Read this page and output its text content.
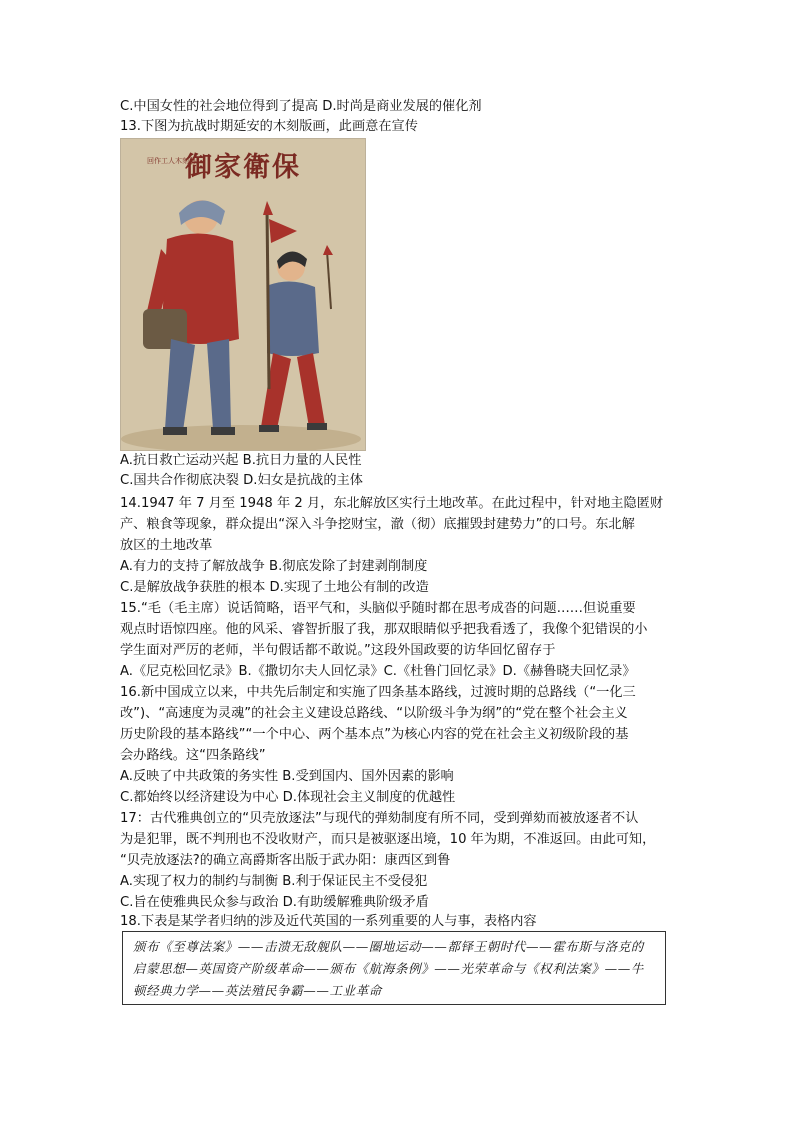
C.中国女性的社会地位得到了提高 D.时尚是商业发展的催化剂
13.下图为抗战时期延安的木刻版画，此画意在宣传
回作工人木刻藝
御家衛保
A.抗日救亡运动兴起 B.抗日力量的人民性
C.国共合作彻底决裂 D.妇女是抗战的主体
14.1947 年 7 月至 1948 年 2 月，东北解放区实行土地改革。在此过程中，针对地主隐匿财
产、粮食等现象，群众提出“深入斗争挖财宝，澈（彻）底摧毁封建势力”的口号。东北解
放区的土地改革
A.有力的支持了解放战争 B.彻底发除了封建剥削制度
C.是解放战争获胜的根本 D.实现了土地公有制的改造
15.“毛（毛主席）说话简略，语平气和，头脑似乎随时都在思考成沓的问题……但说重要
观点时语惊四座。他的风采、睿智折服了我，那双眼睛似乎把我看透了，我像个犯错误的小
学生面对严厉的老师，半句假话都不敢说。”这段外国政要的访华回忆留存于
A.《尼克松回忆录》B.《撒切尔夫人回忆录》C.《杜鲁门回忆录》D.《赫鲁晓夫回忆录》
16.新中国成立以来，中共先后制定和实施了四条基本路线，过渡时期的总路线（“一化三
改”)、“高速度为灵魂”的社会主义建设总路线、“以阶级斗争为纲”的“党在整个社会主义
历史阶段的基本路线”“一个中心、两个基本点”为核心内容的党在社会主义初级阶段的基
会办路线。这“四条路线”
A.反映了中共政策的务实性 B.受到国内、国外因素的影响
C.都始终以经济建设为中心 D.体现社会主义制度的优越性
17：古代雅典创立的“贝壳放逐法”与现代的弹劾制度有所不同，受到弹劾而被放逐者不认
为是犯罪，既不判刑也不没收财产，而只是被驱逐出境，10 年为期，不准返回。由此可知，
“贝壳放逐法?的确立高爵斯客出版于武办阳：康西区到鲁
A.实现了权力的制约与制衡 B.利于保证民主不受侵犯
C.旨在使雅典民众参与政治 D.有助缓解雅典阶级矛盾
18.下表是某学者归纳的涉及近代英国的一系列重要的人与事，表格内容
颁布《至尊法案》——击溃无敌舰队——圈地运动——都铎王朝时代——霍布斯与洛克的启蒙思想—英国资产阶级革命——颁布《航海条例》——光荣革命与《权利法案》——牛顿经典力学——英法殖民争霸——工业革命
